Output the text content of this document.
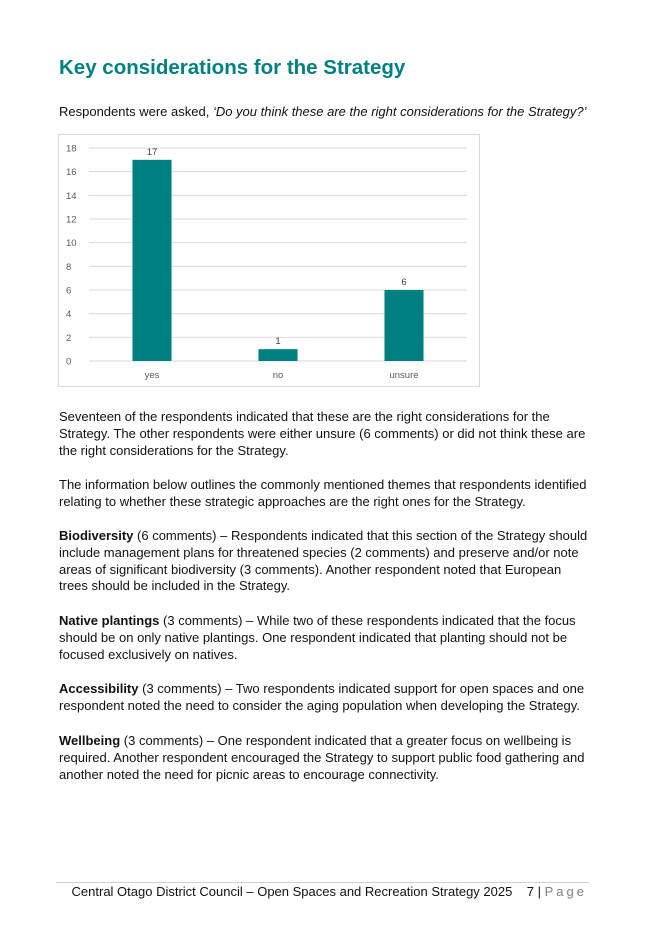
Key considerations for the Strategy

Respondents were asked, ‘Do you think these are the right considerations for the Strategy?’

0
2
4
6
8
10
12
14
16
18	17
yes
1
no
6
unsure

Seventeen of the respondents indicated that these are the right considerations for the Strategy. The other respondents were either unsure (6 comments) or did not think these are the right considerations for the Strategy.

The information below outlines the commonly mentioned themes that respondents identified relating to whether these strategic approaches are the right ones for the Strategy.

Biodiversity (6 comments) – Respondents indicated that this section of the Strategy should include management plans for threatened species (2 comments) and preserve and/or note areas of significant biodiversity (3 comments). Another respondent noted that European trees should be included in the Strategy.

Native plantings (3 comments) – While two of these respondents indicated that the focus should be on only native plantings. One respondent indicated that planting should not be focused exclusively on natives.

Accessibility (3 comments) – Two respondents indicated support for open spaces and one respondent noted the need to consider the aging population when developing the Strategy.

Wellbeing (3 comments) – One respondent indicated that a greater focus on wellbeing is required. Another respondent encouraged the Strategy to support public food gathering and another noted the need for picnic areas to encourage connectivity.

Central Otago District Council – Open Spaces and Recreation Strategy 2025 7 | Page
